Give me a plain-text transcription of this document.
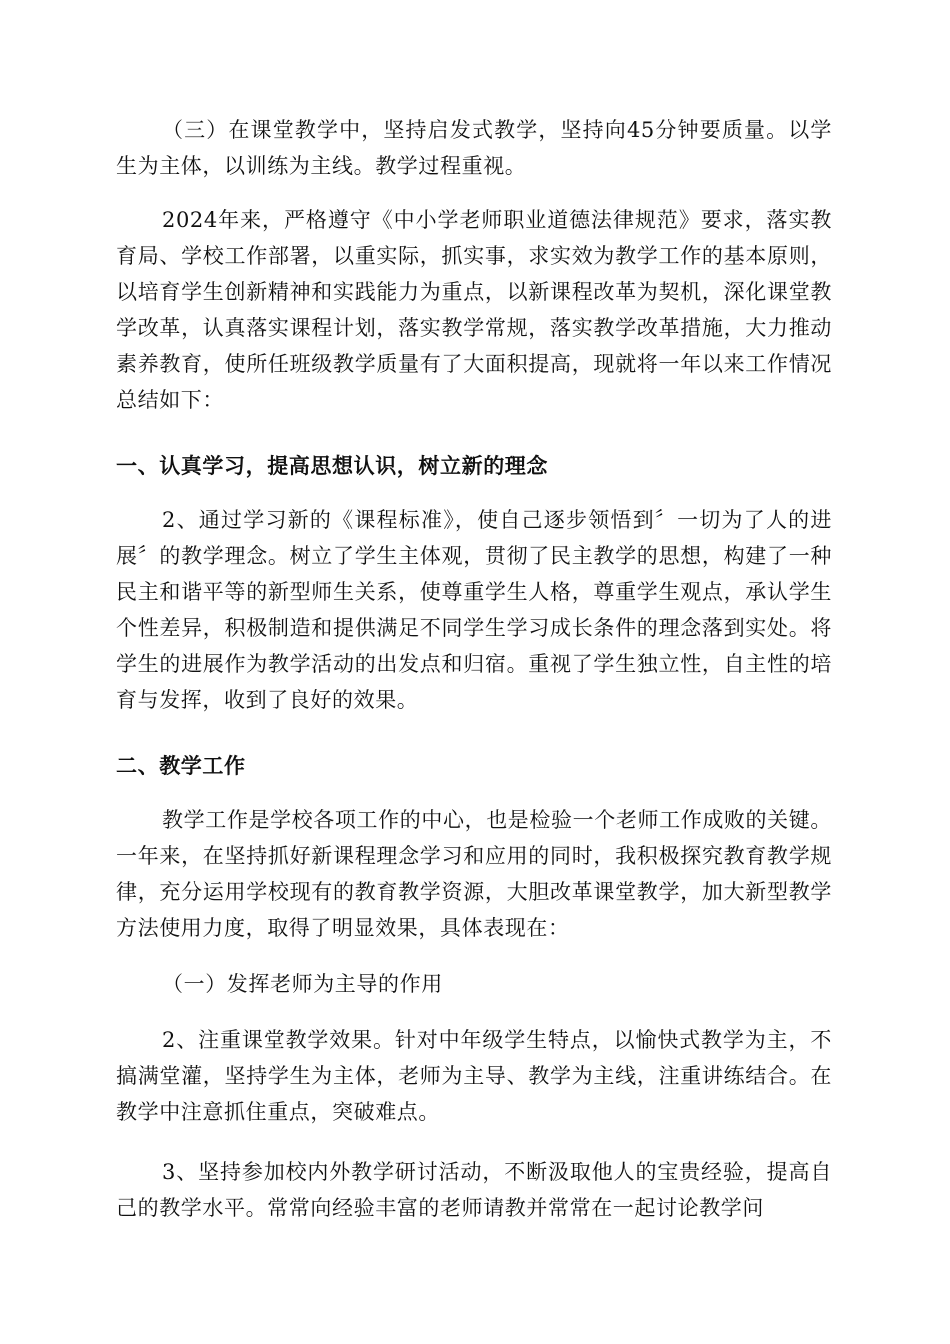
（三）在课堂教学中，坚持启发式教学，坚持向45分钟要质量。以学生为主体，以训练为主线。教学过程重视。

2024年来，严格遵守《中小学老师职业道德法律规范》要求，落实教育局、学校工作部署，以重实际，抓实事，求实效为教学工作的基本原则，以培育学生创新精神和实践能力为重点，以新课程改革为契机，深化课堂教学改革，认真落实课程计划，落实教学常规，落实教学改革措施，大力推动素养教育，使所任班级教学质量有了大面积提高，现就将一年以来工作情况总结如下：

一、认真学习，提高思想认识，树立新的理念

2、通过学习新的《课程标准》，使自己逐步领悟到〞一切为了人的进展〞的教学理念。树立了学生主体观，贯彻了民主教学的思想，构建了一种民主和谐平等的新型师生关系，使尊重学生人格，尊重学生观点，承认学生个性差异，积极制造和提供满足不同学生学习成长条件的理念落到实处。将学生的进展作为教学活动的出发点和归宿。重视了学生独立性，自主性的培育与发挥，收到了良好的效果。

二、教学工作

教学工作是学校各项工作的中心，也是检验一个老师工作成败的关键。一年来，在坚持抓好新课程理念学习和应用的同时，我积极探究教育教学规律，充分运用学校现有的教育教学资源，大胆改革课堂教学，加大新型教学方法使用力度，取得了明显效果，具体表现在：

（一）发挥老师为主导的作用

2、注重课堂教学效果。针对中年级学生特点，以愉快式教学为主，不搞满堂灌，坚持学生为主体，老师为主导、教学为主线，注重讲练结合。在教学中注意抓住重点，突破难点。

3、坚持参加校内外教学研讨活动，不断汲取他人的宝贵经验，提高自己的教学水平。常常向经验丰富的老师请教并常常在一起讨论教学问
